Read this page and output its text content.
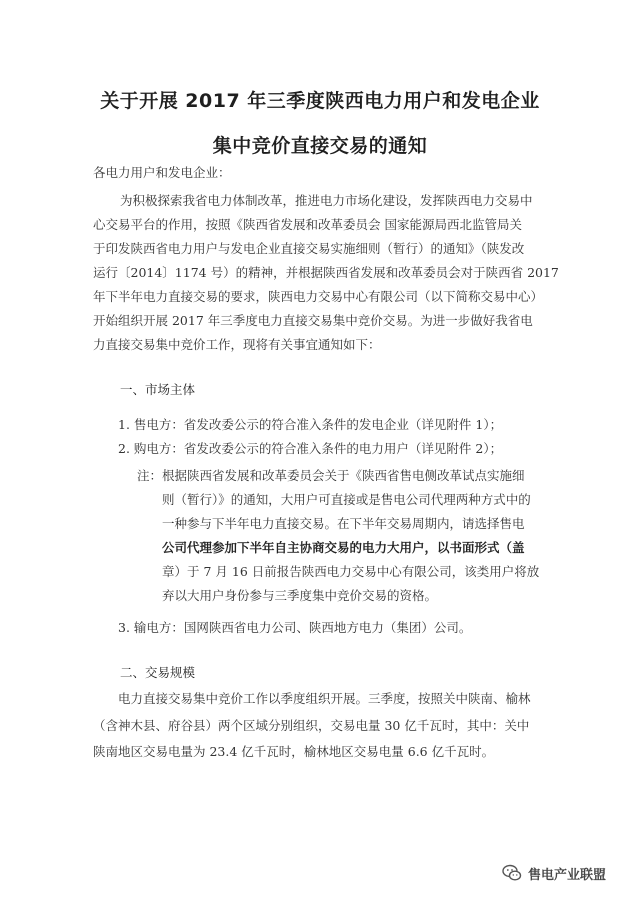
关于开展 2017 年三季度陕西电力用户和发电企业
集中竞价直接交易的通知
各电力用户和发电企业：
为积极探索我省电力体制改革，推进电力市场化建设，发挥陕西电力交易中
心交易平台的作用，按照《陕西省发展和改革委员会 国家能源局西北监管局关
于印发陕西省电力用户与发电企业直接交易实施细则（暂行）的通知》（陕发改
运行〔2014〕1174 号）的精神，并根据陕西省发展和改革委员会对于陕西省 2017
年下半年电力直接交易的要求，陕西电力交易中心有限公司（以下简称交易中心）
开始组织开展 2017 年三季度电力直接交易集中竞价交易。为进一步做好我省电
力直接交易集中竞价工作，现将有关事宜通知如下：
一、市场主体
1. 售电方：省发改委公示的符合准入条件的发电企业（详见附件 1）；
2. 购电方：省发改委公示的符合准入条件的电力用户（详见附件 2）；
注： 根据陕西省发展和改革委员会关于《陕西省售电侧改革试点实施细
则（暂行）》的通知，大用户可直接或是售电公司代理两种方式中的
一种参与下半年电力直接交易。在下半年交易周期内，请选择售电
公司代理参加下半年自主协商交易的电力大用户，以书面形式（盖
章）于 7 月 16 日前报告陕西电力交易中心有限公司，该类用户将放
弃以大用户身份参与三季度集中竞价交易的资格。
3. 输电方：国网陕西省电力公司、陕西地方电力（集团）公司。
二、交易规模
电力直接交易集中竞价工作以季度组织开展。三季度，按照关中陕南、榆林
（含神木县、府谷县）两个区域分别组织，交易电量 30 亿千瓦时，其中：关中
陕南地区交易电量为 23.4 亿千瓦时，榆林地区交易电量 6.6 亿千瓦时。
售电产业联盟
